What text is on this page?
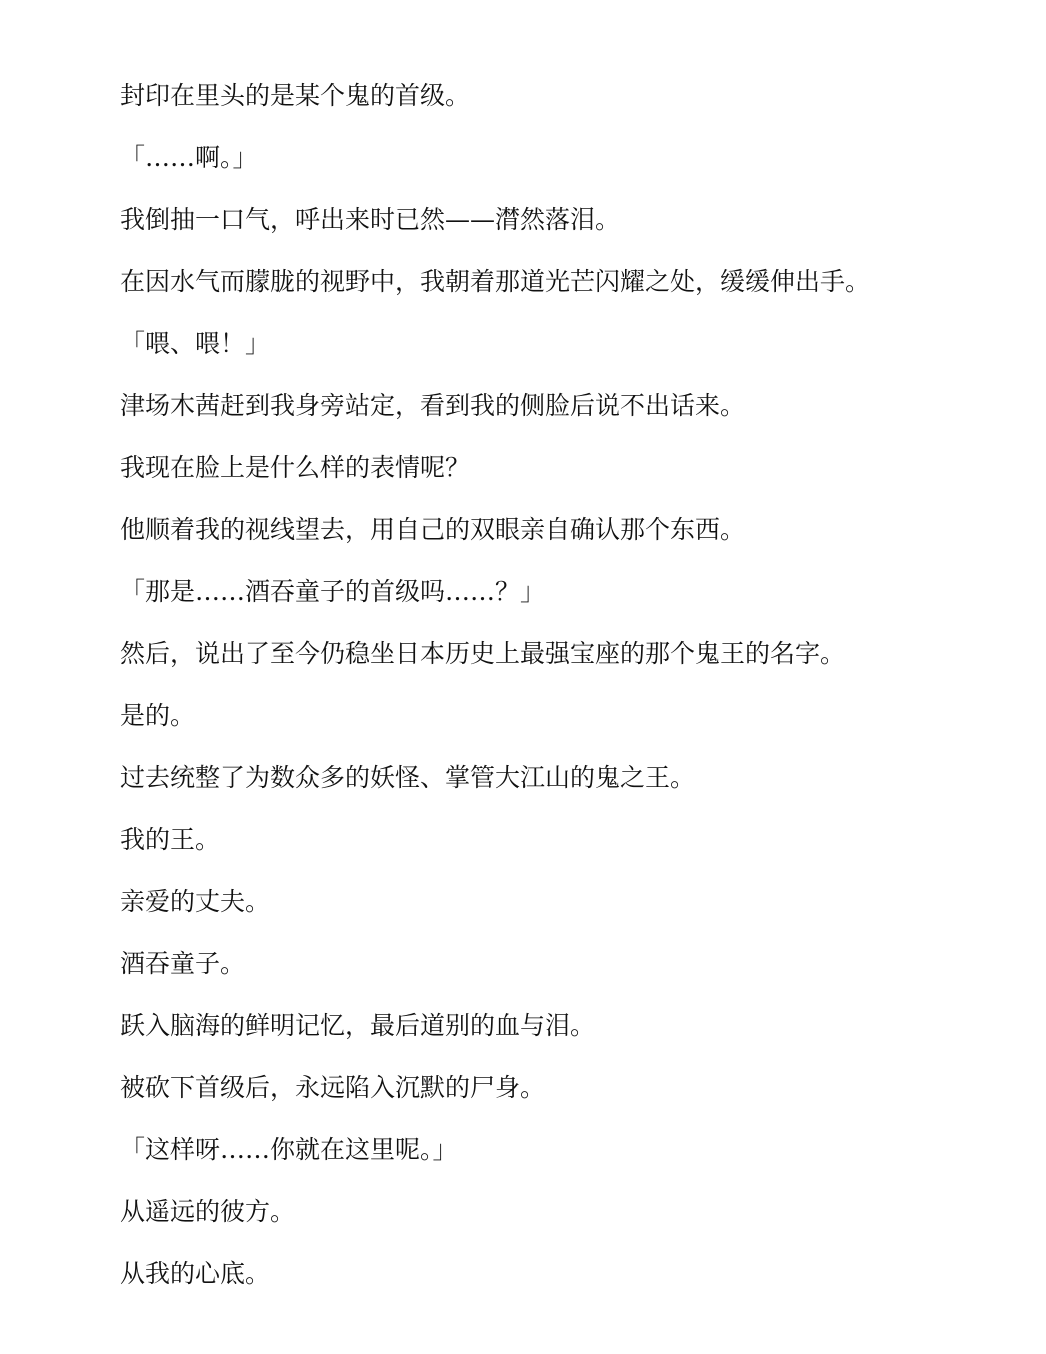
封印在里头的是某个鬼的首级。

「……啊。」

我倒抽一口气，呼出来时已然——潸然落泪。

在因水气而朦胧的视野中，我朝着那道光芒闪耀之处，缓缓伸出手。

「喂、喂！」

津场木茜赶到我身旁站定，看到我的侧脸后说不出话来。

我现在脸上是什么样的表情呢？

他顺着我的视线望去，用自己的双眼亲自确认那个东西。

「那是……酒吞童子的首级吗……？」

然后，说出了至今仍稳坐日本历史上最强宝座的那个鬼王的名字。

是的。

过去统整了为数众多的妖怪、掌管大江山的鬼之王。

我的王。

亲爱的丈夫。

酒吞童子。

跃入脑海的鲜明记忆，最后道别的血与泪。

被砍下首级后，永远陷入沉默的尸身。

「这样呀……你就在这里呢。」

从遥远的彼方。

从我的心底。
